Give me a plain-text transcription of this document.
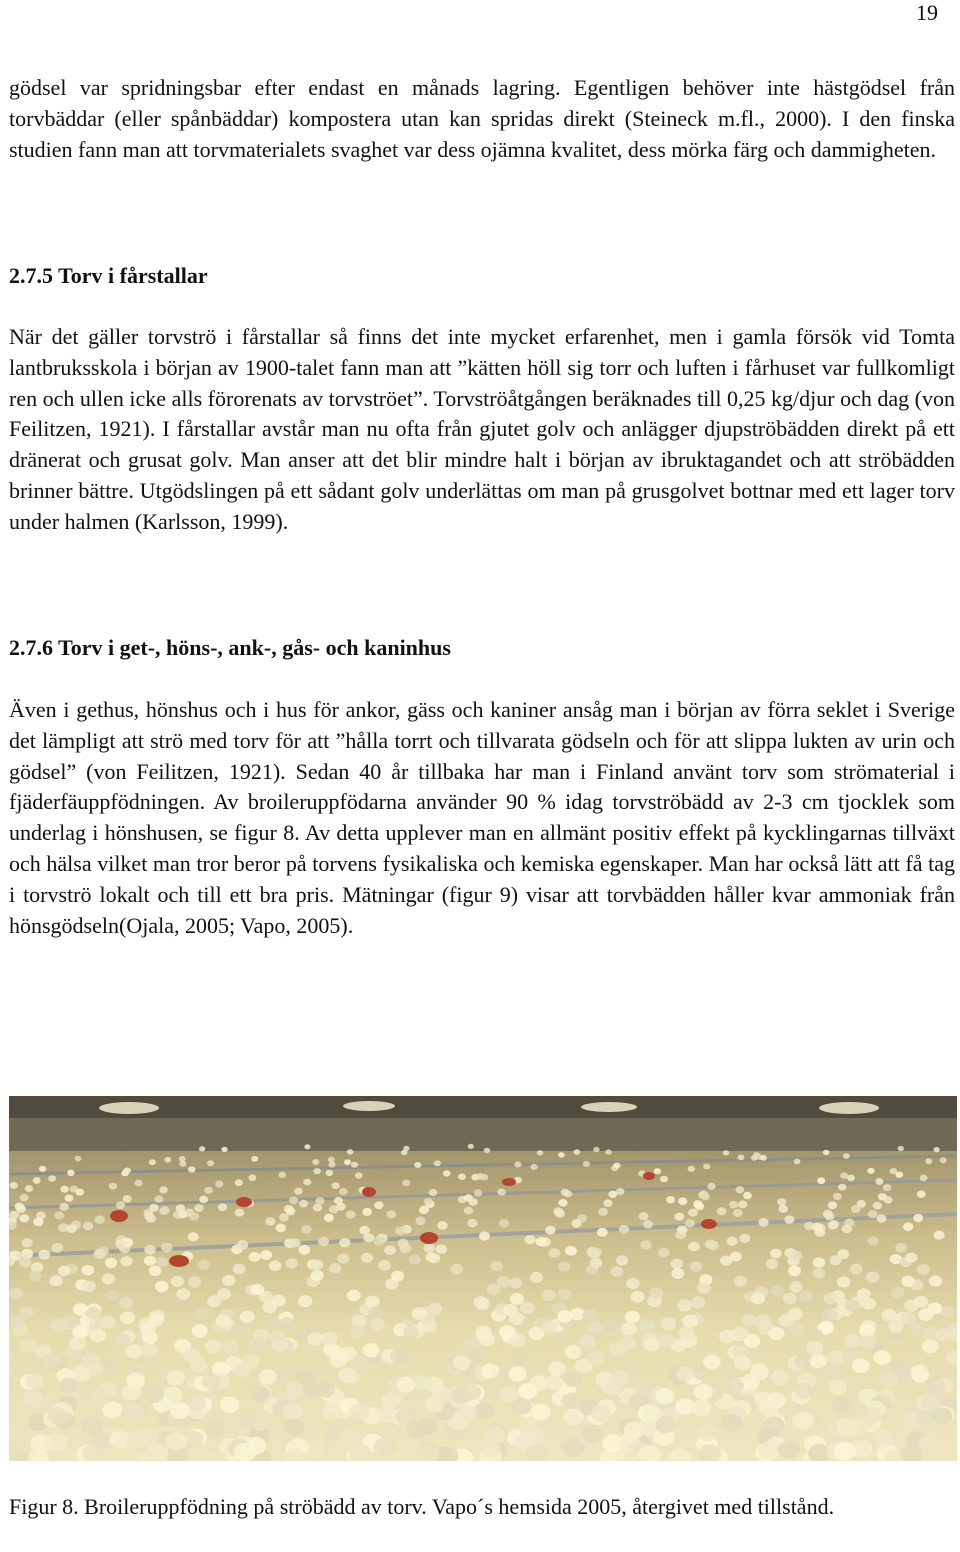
19

gödsel var spridningsbar efter endast en månads lagring. Egentligen behöver inte hästgödsel från torvbäddar (eller spånbäddar) kompostera utan kan spridas direkt (Steineck m.fl., 2000). I den finska studien fann man att torvmaterialets svaghet var dess ojämna kvalitet, dess mörka färg och dammigheten.

2.7.5 Torv i fårstallar

När det gäller torvströ i fårstallar så finns det inte mycket erfarenhet, men i gamla försök vid Tomta lantbruksskola i början av 1900-talet fann man att ”kätten höll sig torr och luften i fårhuset var fullkomligt ren och ullen icke alls förorenats av torvströet”. Torvströåtgången beräknades till 0,25 kg/djur och dag (von Feilitzen, 1921). I fårstallar avstår man nu ofta från gjutet golv och anlägger djupströbädden direkt på ett dränerat och grusat golv. Man anser att det blir mindre halt i början av ibruktagandet och att ströbädden brinner bättre. Utgödslingen på ett sådant golv underlättas om man på grusgolvet bottnar med ett lager torv under halmen (Karlsson, 1999).

2.7.6 Torv i get-, höns-, ank-, gås- och kaninhus

Även i gethus, hönshus och i hus för ankor, gäss och kaniner ansåg man i början av förra seklet i Sverige det lämpligt att strö med torv för att ”hålla torrt och tillvarata gödseln och för att slippa lukten av urin och gödsel” (von Feilitzen, 1921). Sedan 40 år tillbaka har man i Finland använt torv som strömaterial i fjäderfäuppfödningen. Av broileruppfödarna använder 90 % idag torvströbädd av 2-3 cm tjocklek som underlag i hönshusen, se figur 8. Av detta upplever man en allmänt positiv effekt på kycklingarnas tillväxt och hälsa vilket man tror beror på torvens fysikaliska och kemiska egenskaper. Man har också lätt att få tag i torvströ lokalt och till ett bra pris. Mätningar (figur 9) visar att torvbädden håller kvar ammoniak från hönsgödseln(Ojala, 2005; Vapo, 2005).

Figur 8. Broileruppfödning på ströbädd av torv. Vapo´s hemsida 2005, återgivet med tillstånd.
